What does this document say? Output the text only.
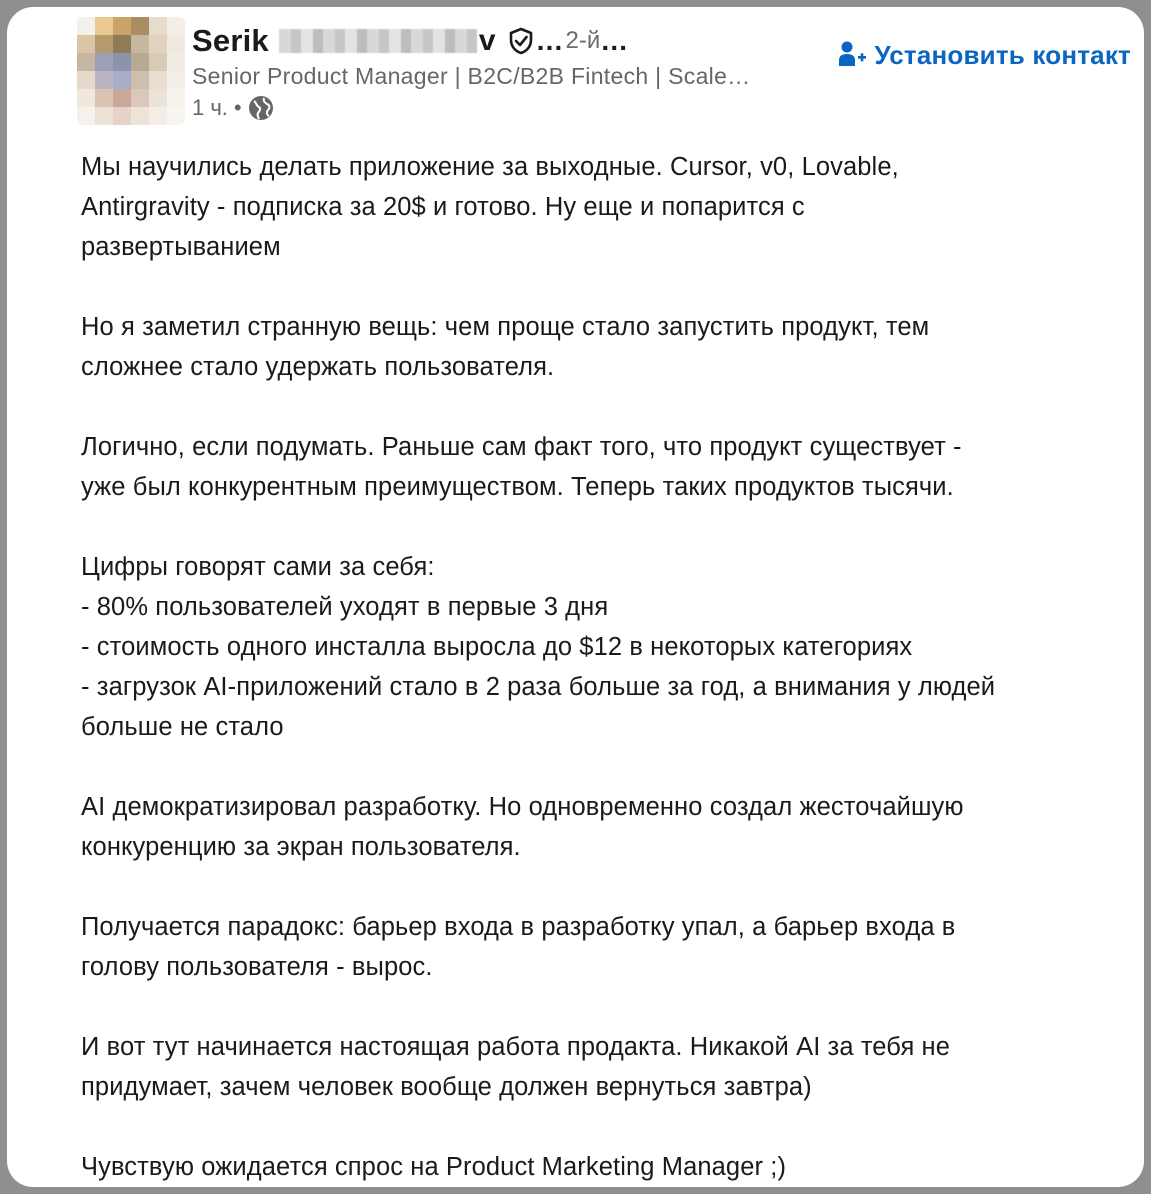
Serik	v … 2-й …
Senior Product Manager | B2C/B2B Fintech | Scale…
1 ч. •
Установить контакт

Мы научились делать приложение за выходные. Cursor, v0, Lovable,
Antirgravity - подписка за 20$ и готово. Ну еще и попарится с
развертыванием

Но я заметил странную вещь: чем проще стало запустить продукт, тем
сложнее стало удержать пользователя.

Логично, если подумать. Раньше сам факт того, что продукт существует -
уже был конкурентным преимуществом. Теперь таких продуктов тысячи.

Цифры говорят сами за себя:
- 80% пользователей уходят в первые 3 дня
- стоимость одного инсталла выросла до $12 в некоторых категориях
- загрузок AI-приложений стало в 2 раза больше за год, а внимания у людей
больше не стало

AI демократизировал разработку. Но одновременно создал жесточайшую
конкуренцию за экран пользователя.

Получается парадокс: барьер входа в разработку упал, а барьер входа в
голову пользователя - вырос.

И вот тут начинается настоящая работа продакта. Никакой AI за тебя не
придумает, зачем человек вообще должен вернуться завтра)

Чувствую ожидается спрос на Product Marketing Manager ;)
